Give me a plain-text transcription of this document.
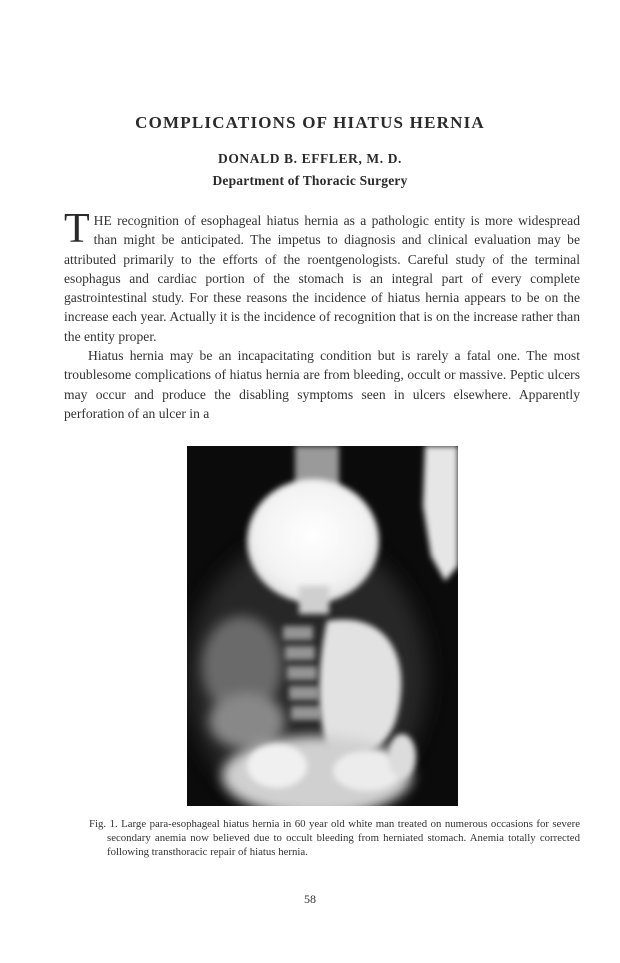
COMPLICATIONS OF HIATUS HERNIA
DONALD B. EFFLER, M. D.
Department of Thoracic Surgery

THE recognition of esophageal hiatus hernia as a pathologic entity is more widespread than might be anticipated. The impetus to diagnosis and clinical evaluation may be attributed primarily to the efforts of the roentgenologists. Careful study of the terminal esophagus and cardiac portion of the stomach is an integral part of every complete gastrointestinal study. For these reasons the incidence of hiatus hernia appears to be on the increase each year. Actually it is the incidence of recognition that is on the increase rather than the entity proper.

Hiatus hernia may be an incapacitating condition but is rarely a fatal one. The most troublesome complications of hiatus hernia are from bleeding, occult or massive. Peptic ulcers may occur and produce the disabling symptoms seen in ulcers elsewhere. Apparently perforation of an ulcer in a

Fig. 1. Large para-esophageal hiatus hernia in 60 year old white man treated on numerous occasions for severe secondary anemia now believed due to occult bleeding from herniated stomach. Anemia totally corrected following transthoracic repair of hiatus hernia.
58
